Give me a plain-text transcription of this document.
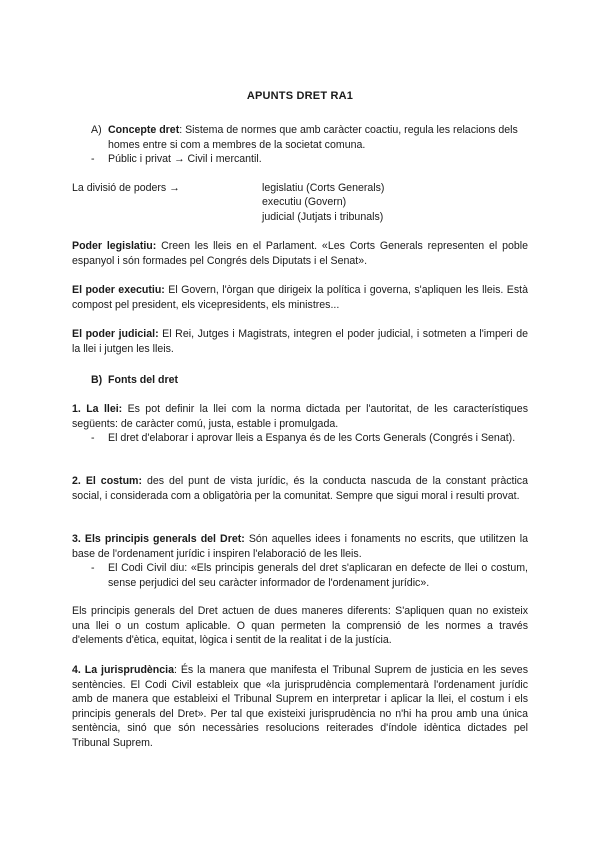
APUNTS DRET RA1
A) Concepte dret: Sistema de normes que amb caràcter coactiu, regula les relacions dels homes entre si com a membres de la societat comuna.

- Públic i privat → Civil i mercantil.

La divisió de poders →	legislatiu (Corts Generals)
executiu (Govern)
judicial (Jutjats i tribunals)

Poder legislatiu: Creen les lleis en el Parlament. «Les Corts Generals representen el poble espanyol i són formades pel Congrés dels Diputats i el Senat».

El poder executiu: El Govern, l'òrgan que dirigeix la política i governa, s'apliquen les lleis. Està compost pel president, els vicepresidents, els ministres...

El poder judicial: El Rei, Jutges i Magistrats, integren el poder judicial, i sotmeten a l'imperi de la llei i jutgen les lleis.

B) Fonts del dret

1. La llei: Es pot definir la llei com la norma dictada per l'autoritat, de les característiques següents: de caràcter comú, justa, estable i promulgada.

- El dret d'elaborar i aprovar lleis a Espanya és de les Corts Generals (Congrés i Senat).

2. El costum: des del punt de vista jurídic, és la conducta nascuda de la constant pràctica social, i considerada com a obligatòria per la comunitat. Sempre que sigui moral i resulti provat.

3. Els principis generals del Dret: Són aquelles idees i fonaments no escrits, que utilitzen la base de l'ordenament jurídic i inspiren l'elaboració de les lleis.

- El Codi Civil diu: «Els principis generals del dret s'aplicaran en defecte de llei o costum, sense perjudici del seu caràcter informador de l'ordenament jurídic».

Els principis generals del Dret actuen de dues maneres diferents: S'apliquen quan no existeix una llei o un costum aplicable. O quan permeten la comprensió de les normes a través d'elements d'ètica, equitat, lògica i sentit de la realitat i de la justícia.

4. La jurisprudència: És la manera que manifesta el Tribunal Suprem de justicia en les seves sentències. El Codi Civil estableix que «la jurisprudència complementarà l'ordenament jurídic amb de manera que estableixi el Tribunal Suprem en interpretar i aplicar la llei, el costum i els principis generals del Dret». Per tal que existeixi jurisprudència no n'hi ha prou amb una única sentència, sinó que són necessàries resolucions reiterades d'índole idèntica dictades pel Tribunal Suprem.
